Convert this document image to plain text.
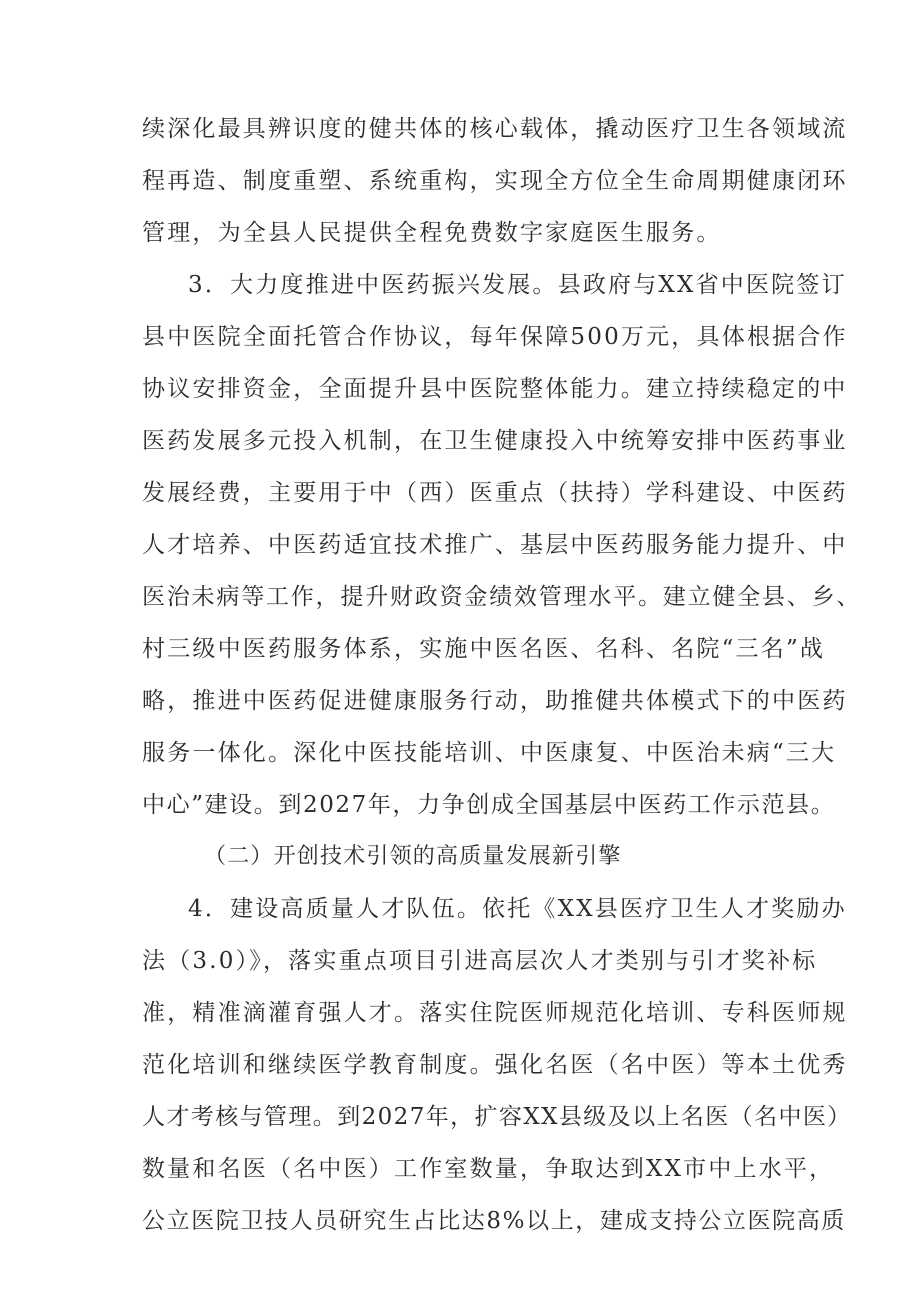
续深化最具辨识度的健共体的核心载体，撬动医疗卫生各领域流

程再造、制度重塑、系统重构，实现全方位全生命周期健康闭环

管理，为全县人民提供全程免费数字家庭医生服务。

3．大力度推进中医药振兴发展。县政府与XX省中医院签订

县中医院全面托管合作协议，每年保障500万元，具体根据合作

协议安排资金，全面提升县中医院整体能力。建立持续稳定的中

医药发展多元投入机制，在卫生健康投入中统筹安排中医药事业

发展经费，主要用于中（西）医重点（扶持）学科建设、中医药

人才培养、中医药适宜技术推广、基层中医药服务能力提升、中

医治未病等工作，提升财政资金绩效管理水平。建立健全县、乡、

村三级中医药服务体系，实施中医名医、名科、名院“三名”战

略，推进中医药促进健康服务行动，助推健共体模式下的中医药

服务一体化。深化中医技能培训、中医康复、中医治未病“三大

中心”建设。到2027年，力争创成全国基层中医药工作示范县。

（二）开创技术引领的高质量发展新引擎

4．建设高质量人才队伍。依托《XX县医疗卫生人才奖励办

法（3.0）》，落实重点项目引进高层次人才类别与引才奖补标

准，精准滴灌育强人才。落实住院医师规范化培训、专科医师规

范化培训和继续医学教育制度。强化名医（名中医）等本土优秀

人才考核与管理。到2027年，扩容XX县级及以上名医（名中医）

数量和名医（名中医）工作室数量，争取达到XX市中上水平，

公立医院卫技人员研究生占比达8%以上，建成支持公立医院高质
